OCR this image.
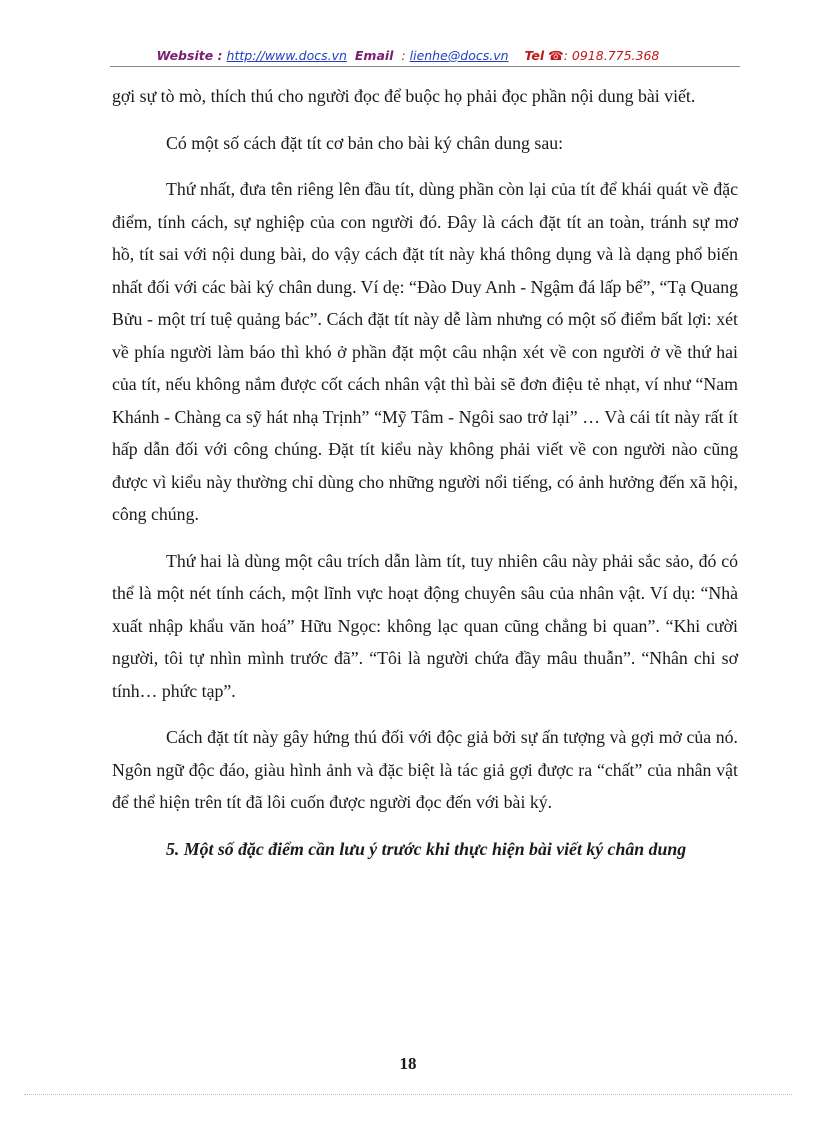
Website : http://www.docs.vn Email : lienhe@docs.vn Tel ☎: 0918.775.368

gợi sự tò mò, thích thú cho người đọc để buộc họ phải đọc phần nội dung bài viết.

Có một số cách đặt tít cơ bản cho bài ký chân dung sau:

Thứ nhất, đưa tên riêng lên đầu tít, dùng phần còn lại của tít để khái quát về đặc điểm, tính cách, sự nghiệp của con người đó. Đây là cách đặt tít an toàn, tránh sự mơ hồ, tít sai với nội dung bài, do vậy cách đặt tít này khá thông dụng và là dạng phổ biến nhất đối với các bài ký chân dung. Ví dẹ: “Đào Duy Anh - Ngậm đá lấp bể”, “Tạ Quang Bửu - một trí tuệ quảng bác”. Cách đặt tít này dễ làm nhưng có một số điểm bất lợi: xét về phía người làm báo thì khó ở phần đặt một câu nhận xét về con người ở về thứ hai của tít, nếu không nắm được cốt cách nhân vật thì bài sẽ đơn điệu tẻ nhạt, ví như “Nam Khánh - Chàng ca sỹ hát nhạ Trịnh” “Mỹ Tâm - Ngôi sao trở lại” … Và cái tít này rất ít hấp dẫn đối với công chúng. Đặt tít kiểu này không phải viết về con người nào cũng được vì kiểu này thường chỉ dùng cho những người nổi tiếng, có ảnh hưởng đến xã hội, công chúng.

Thứ hai là dùng một câu trích dẫn làm tít, tuy nhiên câu này phải sắc sảo, đó có thể là một nét tính cách, một lĩnh vực hoạt động chuyên sâu của nhân vật. Ví dụ: “Nhà xuất nhập khẩu văn hoá” Hữu Ngọc: không lạc quan cũng chẳng bi quan”. “Khi cười người, tôi tự nhìn mình trước đã”. “Tôi là người chứa đầy mâu thuẫn”. “Nhân chi sơ tính… phức tạp”.

Cách đặt tít này gây hứng thú đối với độc giả bởi sự ấn tượng và gợi mở của nó. Ngôn ngữ độc đáo, giàu hình ảnh và đặc biệt là tác giả gợi được ra “chất” của nhân vật để thể hiện trên tít đã lôi cuốn được người đọc đến với bài ký.

5. Một số đặc điểm cần lưu ý trước khi thực hiện bài viết ký chân dung
18
